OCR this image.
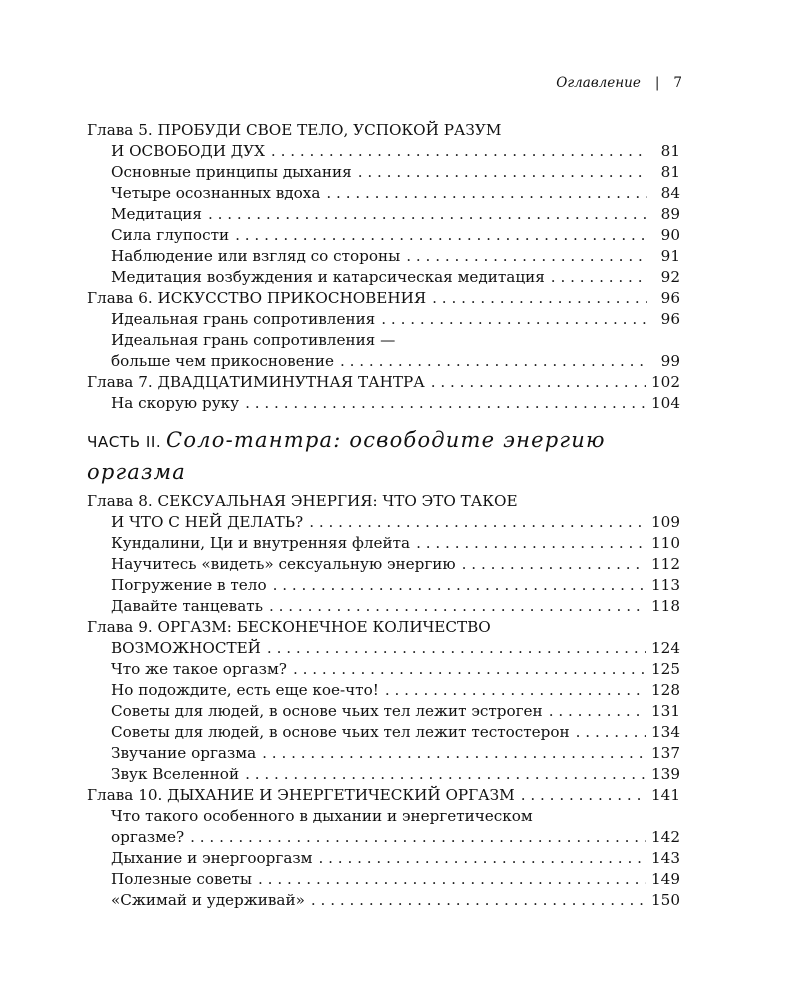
Оглавление | 7
Глава 5. ПРОБУДИ СВОЕ ТЕЛО, УСПОКОЙ РАЗУМ
И ОСВОБОДИ ДУХ . . .	81
Основные принципы дыхания . . .	81
Четыре осознанных вдоха . . .	84
Медитация . . .	89
Сила глупости . . .	90
Наблюдение или взгляд со стороны . . .	91
Медитация возбуждения и катарсическая медитация . . .	92
Глава 6. ИСКУССТВО ПРИКОСНОВЕНИЯ . . .	96
Идеальная грань сопротивления . . .	96
Идеальная грань сопротивления —
больше чем прикосновение . . .	99
Глава 7. ДВАДЦАТИМИНУТНАЯ ТАНТРА . . .	102
На скорую руку . . .	104
ЧАСТЬ II. Соло-тантра: освободите энергию оргазма
Глава 8. СЕКСУАЛЬНАЯ ЭНЕРГИЯ: ЧТО ЭТО ТАКОЕ
И ЧТО С НЕЙ ДЕЛАТЬ? . . .	109
Кундалини, Ци и внутренняя флейта . . .	110
Научитесь «видеть» сексуальную энергию . . .	112
Погружение в тело . . .	113
Давайте танцевать . . .	118
Глава 9. ОРГАЗМ: БЕСКОНЕЧНОЕ КОЛИЧЕСТВО
ВОЗМОЖНОСТЕЙ . . .	124
Что же такое оргазм? . . .	125
Но подождите, есть еще кое-что! . . .	128
Советы для людей, в основе чьих тел лежит эстроген . . .	131
Советы для людей, в основе чьих тел лежит тестостерон . . .	134
Звучание оргазма . . .	137
Звук Вселенной . . .	139
Глава 10. ДЫХАНИЕ И ЭНЕРГЕТИЧЕСКИЙ ОРГАЗМ . . .	141
Что такого особенного в дыхании и энергетическом
оргазме? . . .	142
Дыхание и энергооргазм . . .	143
Полезные советы . . .	149
«Сжимай и удерживай» . . .	150
